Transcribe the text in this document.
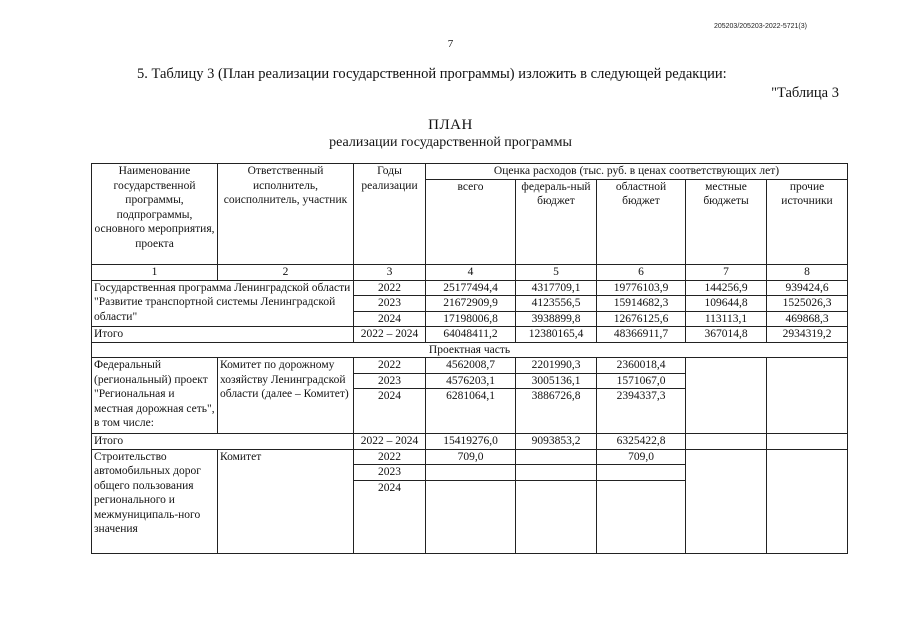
205203/205203-2022-5721(3)
7
5. Таблицу 3 (План реализации государственной программы) изложить в следующей редакции:
"Таблица 3
ПЛАН
реализации государственной программы
Наименование государственной программы, подпрограммы, основного мероприятия, проекта	Ответственный исполнитель, соисполнитель, участник	Годы реализации	Оценка расходов (тыс. руб. в ценах соответствующих лет)				
			всего	федераль-ный бюджет	областной бюджет	местные бюджеты	прочие источники
1	2	3	4	5	6	7	8
Государственная программа Ленинградской области "Развитие транспортной системы Ленинградской области"		2022	25177494,4	4317709,1	19776103,9	144256,9	939424,6
		2023	21672909,9	4123556,5	15914682,3	109644,8	1525026,3
		2024	17198006,8	3938899,8	12676125,6	113113,1	469868,3
Итого		2022 – 2024	64048411,2	12380165,4	48366911,7	367014,8	2934319,2
Проектная часть							
Федеральный (региональный) проект "Региональная и местная дорожная сеть", в том числе:	Комитет по дорожному хозяйству Ленинградской области (далее – Комитет)	2022	4562008,7	2201990,3	2360018,4		
		2023	4576203,1	3005136,1	1571067,0		
		2024	6281064,1	3886726,8	2394337,3		
Итого		2022 – 2024	15419276,0	9093853,2	6325422,8		
Строительство автомобильных дорог общего пользования регионального и межмуниципаль-ного значения	Комитет	2022	709,0		709,0		
		2023					
		2024					
